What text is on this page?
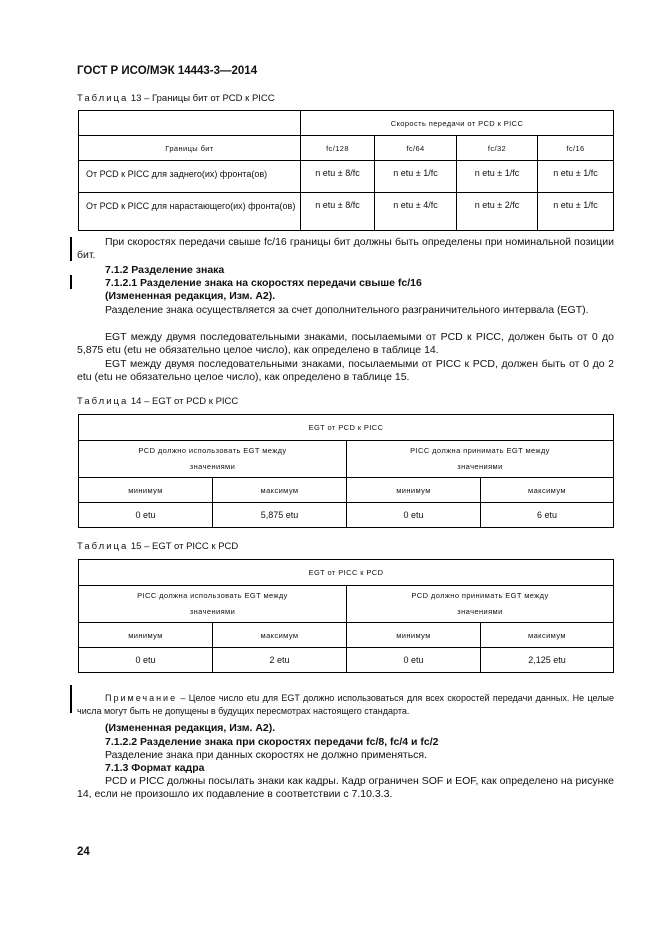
ГОСТ Р ИСО/МЭК 14443-3—2014
Таблица 13 – Границы бит от PCD к PICC
	Скорость передачи от PCD к PICC			
Границы бит	fc/128	fc/64	fc/32	fc/16
От PCD к PICC для заднего(их) фронта(ов)	n etu ± 8/fc	n etu ± 1/fc	n etu ± 1/fc	n etu ± 1/fc
От PCD к PICC для нарастающего(их) фронта(ов)	n etu ± 8/fc	n etu ± 4/fc	n etu ± 2/fc	n etu ± 1/fc
При скоростях передачи свыше fc/16 границы бит должны быть определены при номинальной позиции бит.
7.1.2 Разделение знака
7.1.2.1 Разделение знака на скоростях передачи свыше fc/16
(Измененная редакция, Изм. А2).
Разделение знака осуществляется за счет дополнительного разграничительного интервала (EGT).
EGT между двумя последовательными знаками, посылаемыми от PCD к PICC, должен быть от 0 до 5,875 etu (etu не обязательно целое число), как определено в таблице 14.
EGT между двумя последовательными знаками, посылаемыми от PICC к PCD, должен быть от 0 до 2 etu (etu не обязательно целое число), как определено в таблице 15.
Таблица 14 – EGT от PCD к PICC
EGT от PCD к PICC			
PCD должно использовать EGT между значениями		PICC должна принимать EGT между значениями	
минимум	максимум	минимум	максимум
0 etu	5,875 etu	0 etu	6 etu
Таблица 15 – EGT от PICC к PCD
EGT от PICC к PCD			
PICC должна использовать EGT между значениями		PCD должно принимать EGT между значениями	
минимум	максимум	минимум	максимум
0 etu	2 etu	0 etu	2,125 etu
Примечание – Целое число etu для EGT должно использоваться для всех скоростей передачи данных. Не целые числа могут быть не допущены в будущих пересмотрах настоящего стандарта.
(Измененная редакция, Изм. А2).
7.1.2.2 Разделение знака при скоростях передачи fc/8, fc/4 и fc/2
Разделение знака при данных скоростях не должно применяться.
7.1.3 Формат кадра
PCD и PICC должны посылать знаки как кадры. Кадр ограничен SOF и EOF, как определено на рисунке 14, если не произошло их подавление в соответствии с 7.10.3.3.
24
